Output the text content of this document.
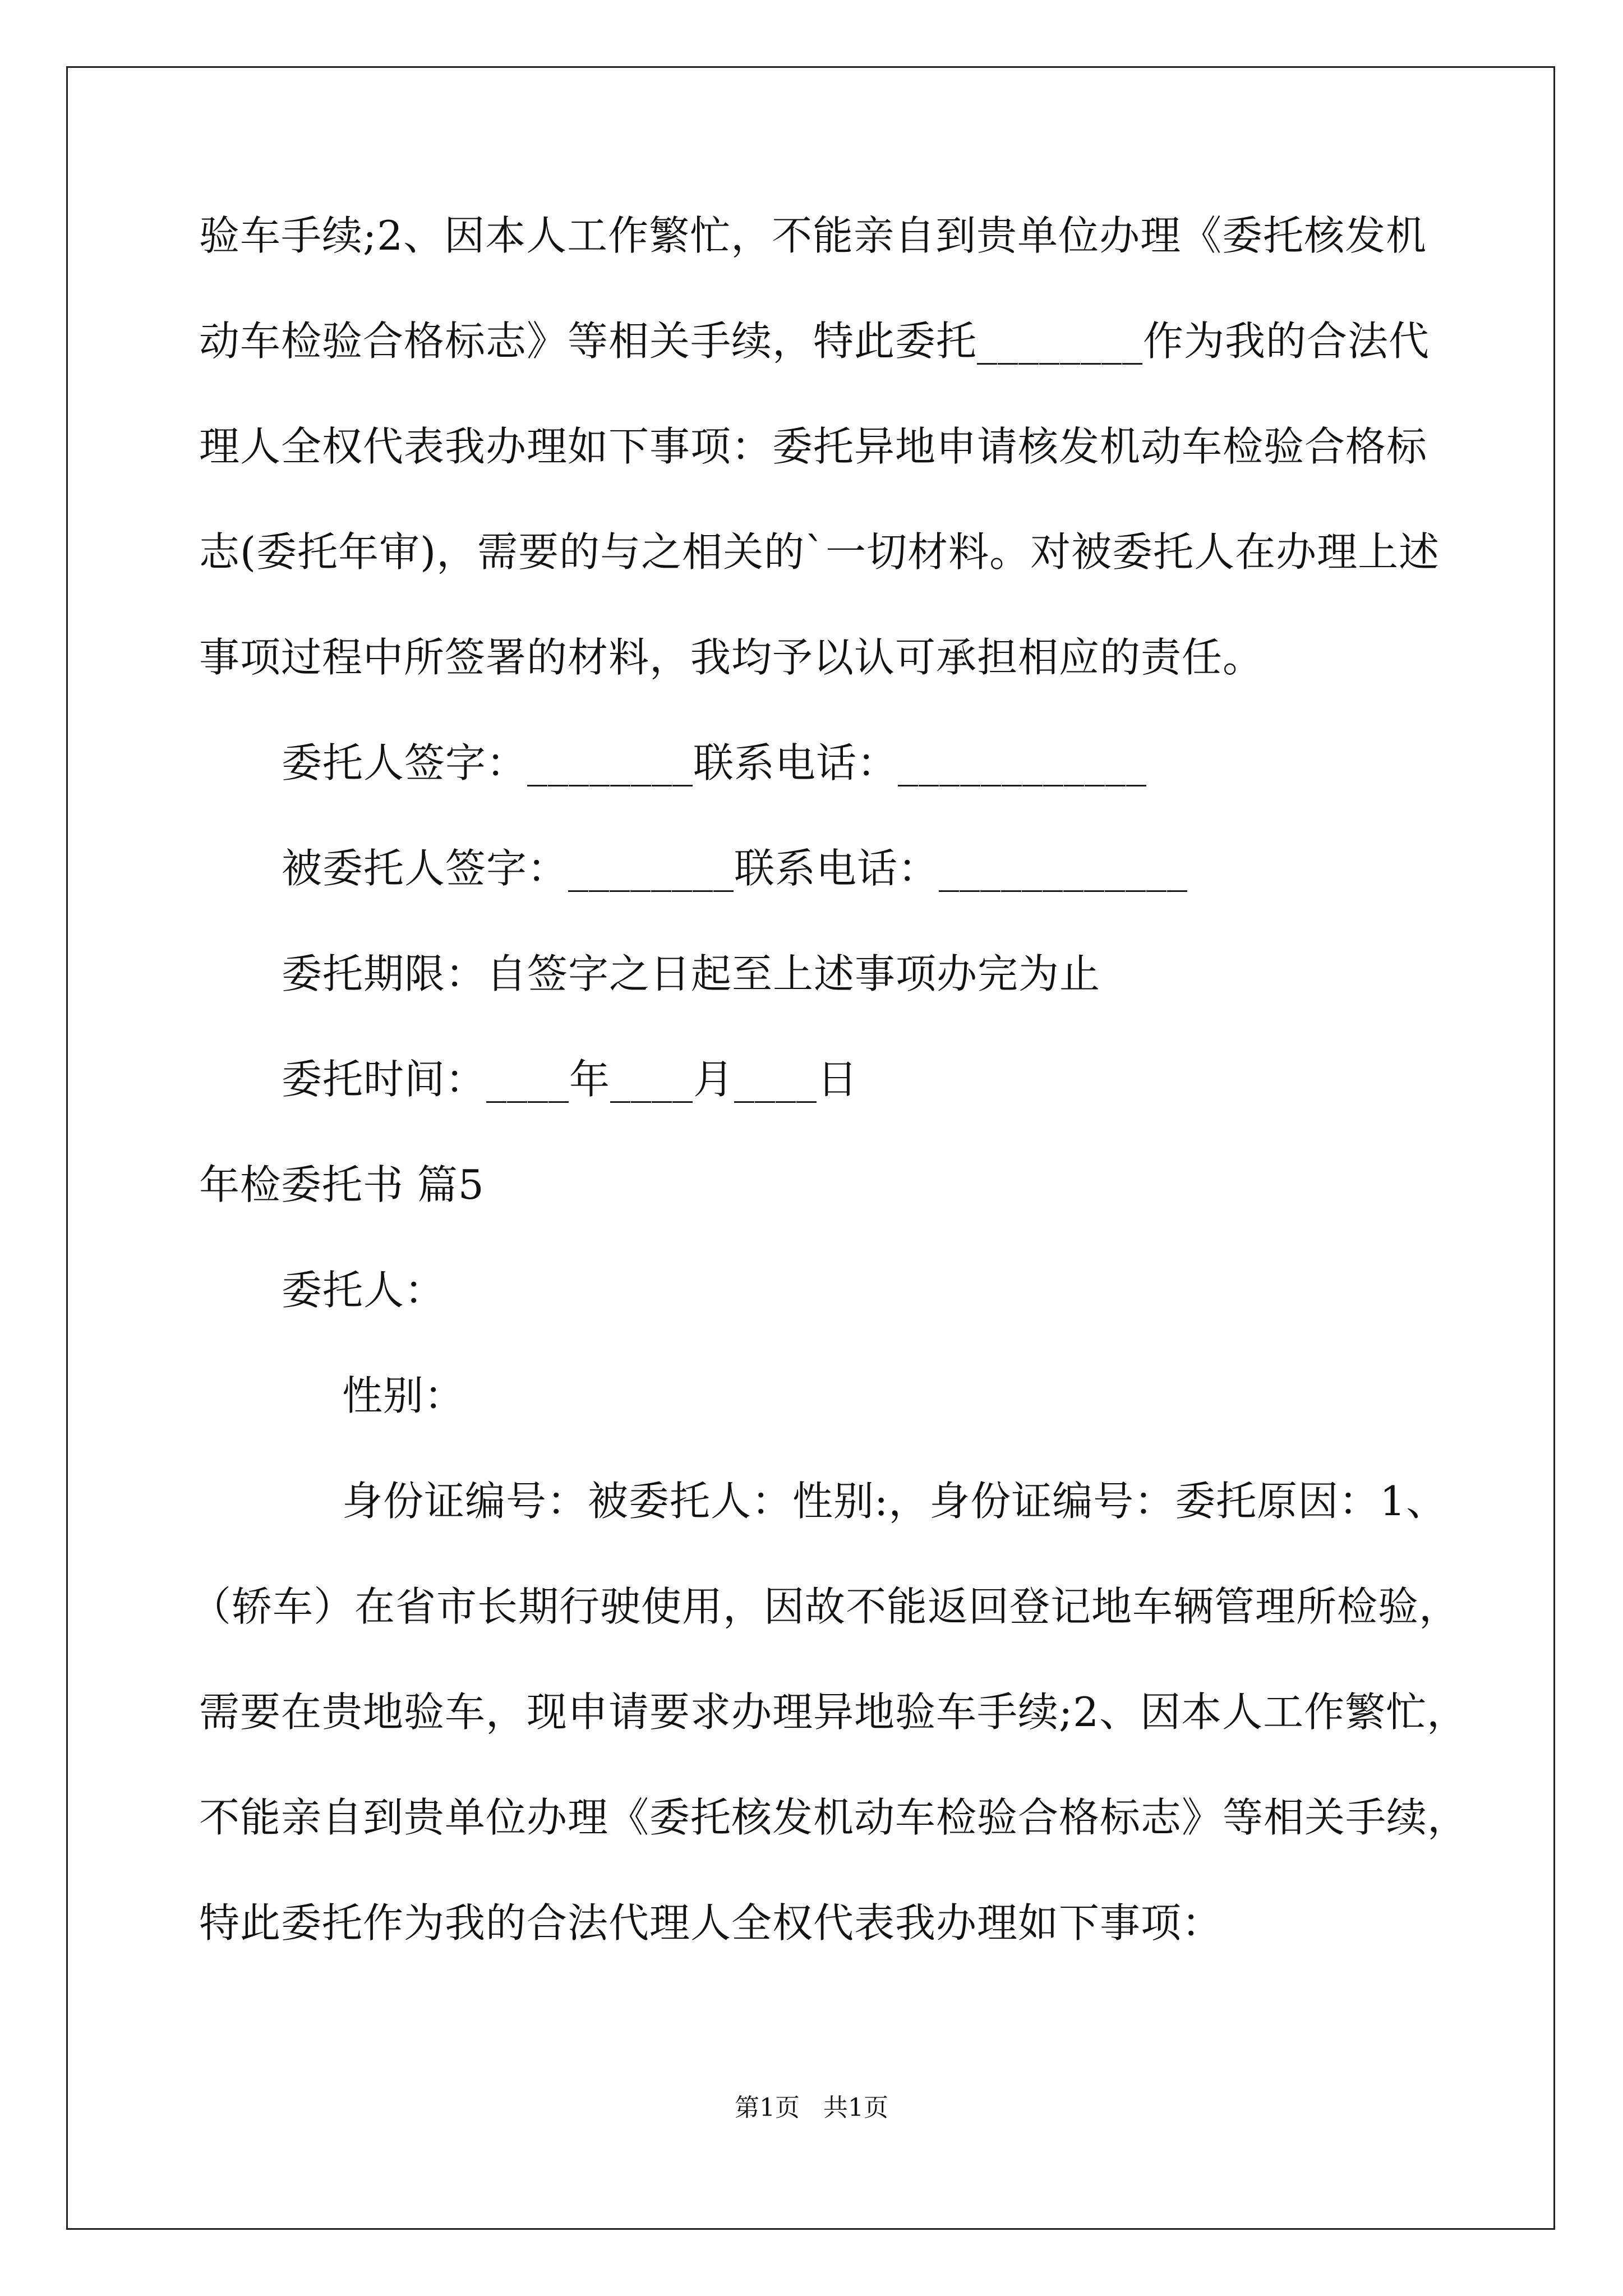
验车手续;2、因本人工作繁忙，不能亲自到贵单位办理《委托核发机
动车检验合格标志》等相关手续，特此委托________作为我的合法代
理人全权代表我办理如下事项：委托异地申请核发机动车检验合格标
志(委托年审)，需要的与之相关的`一切材料。对被委托人在办理上述
事项过程中所签署的材料，我均予以认可承担相应的责任。
委托人签字：________联系电话：____________
被委托人签字：________联系电话：____________
委托期限：自签字之日起至上述事项办完为止
委托时间：____年____月____日
年检委托书 篇5
委托人：
性别：
身份证编号：被委托人：性别:，身份证编号：委托原因：1、
（轿车）在省市长期行驶使用，因故不能返回登记地车辆管理所检验，
需要在贵地验车，现申请要求办理异地验车手续;2、因本人工作繁忙，
不能亲自到贵单位办理《委托核发机动车检验合格标志》等相关手续，
特此委托作为我的合法代理人全权代表我办理如下事项：
第1页   共1页
